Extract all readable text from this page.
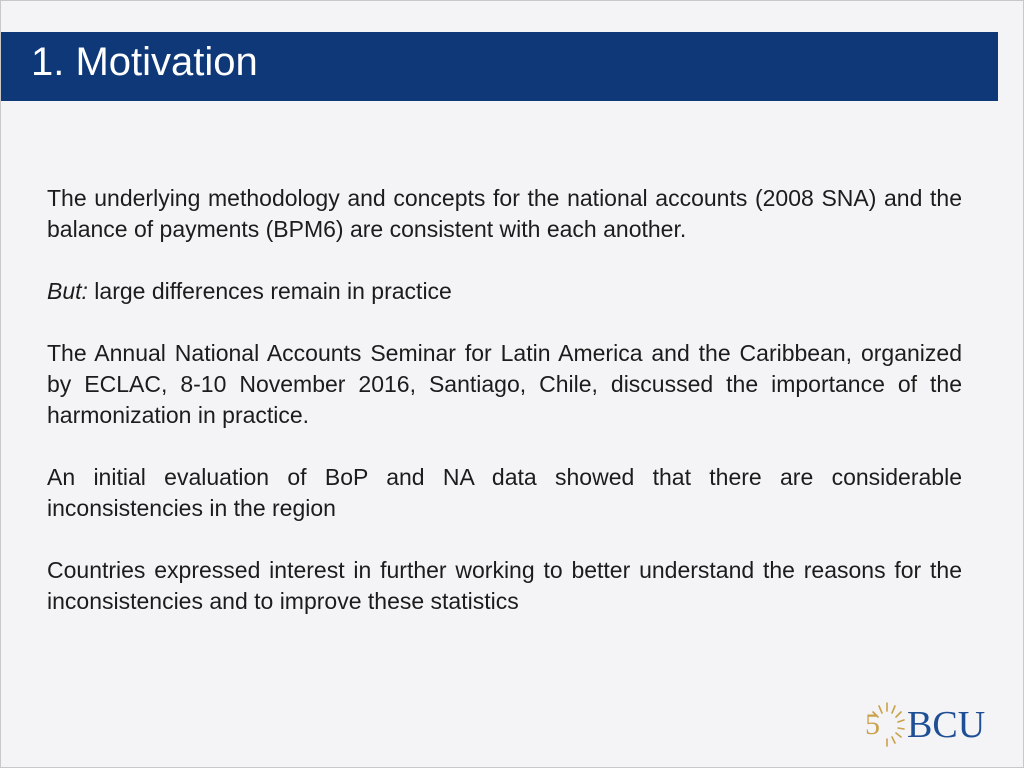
1. Motivation

The underlying methodology and concepts for the national accounts (2008 SNA) and the balance of payments (BPM6) are consistent with each another.

But: large differences remain in practice

The Annual National Accounts Seminar for Latin America and the Caribbean, organized by ECLAC, 8-10 November 2016, Santiago, Chile, discussed the importance of the harmonization in practice.

An initial evaluation of BoP and NA data showed that there are considerable inconsistencies in the region

Countries expressed interest in further working to better understand the reasons for the inconsistencies and to improve these statistics

5 BCU
